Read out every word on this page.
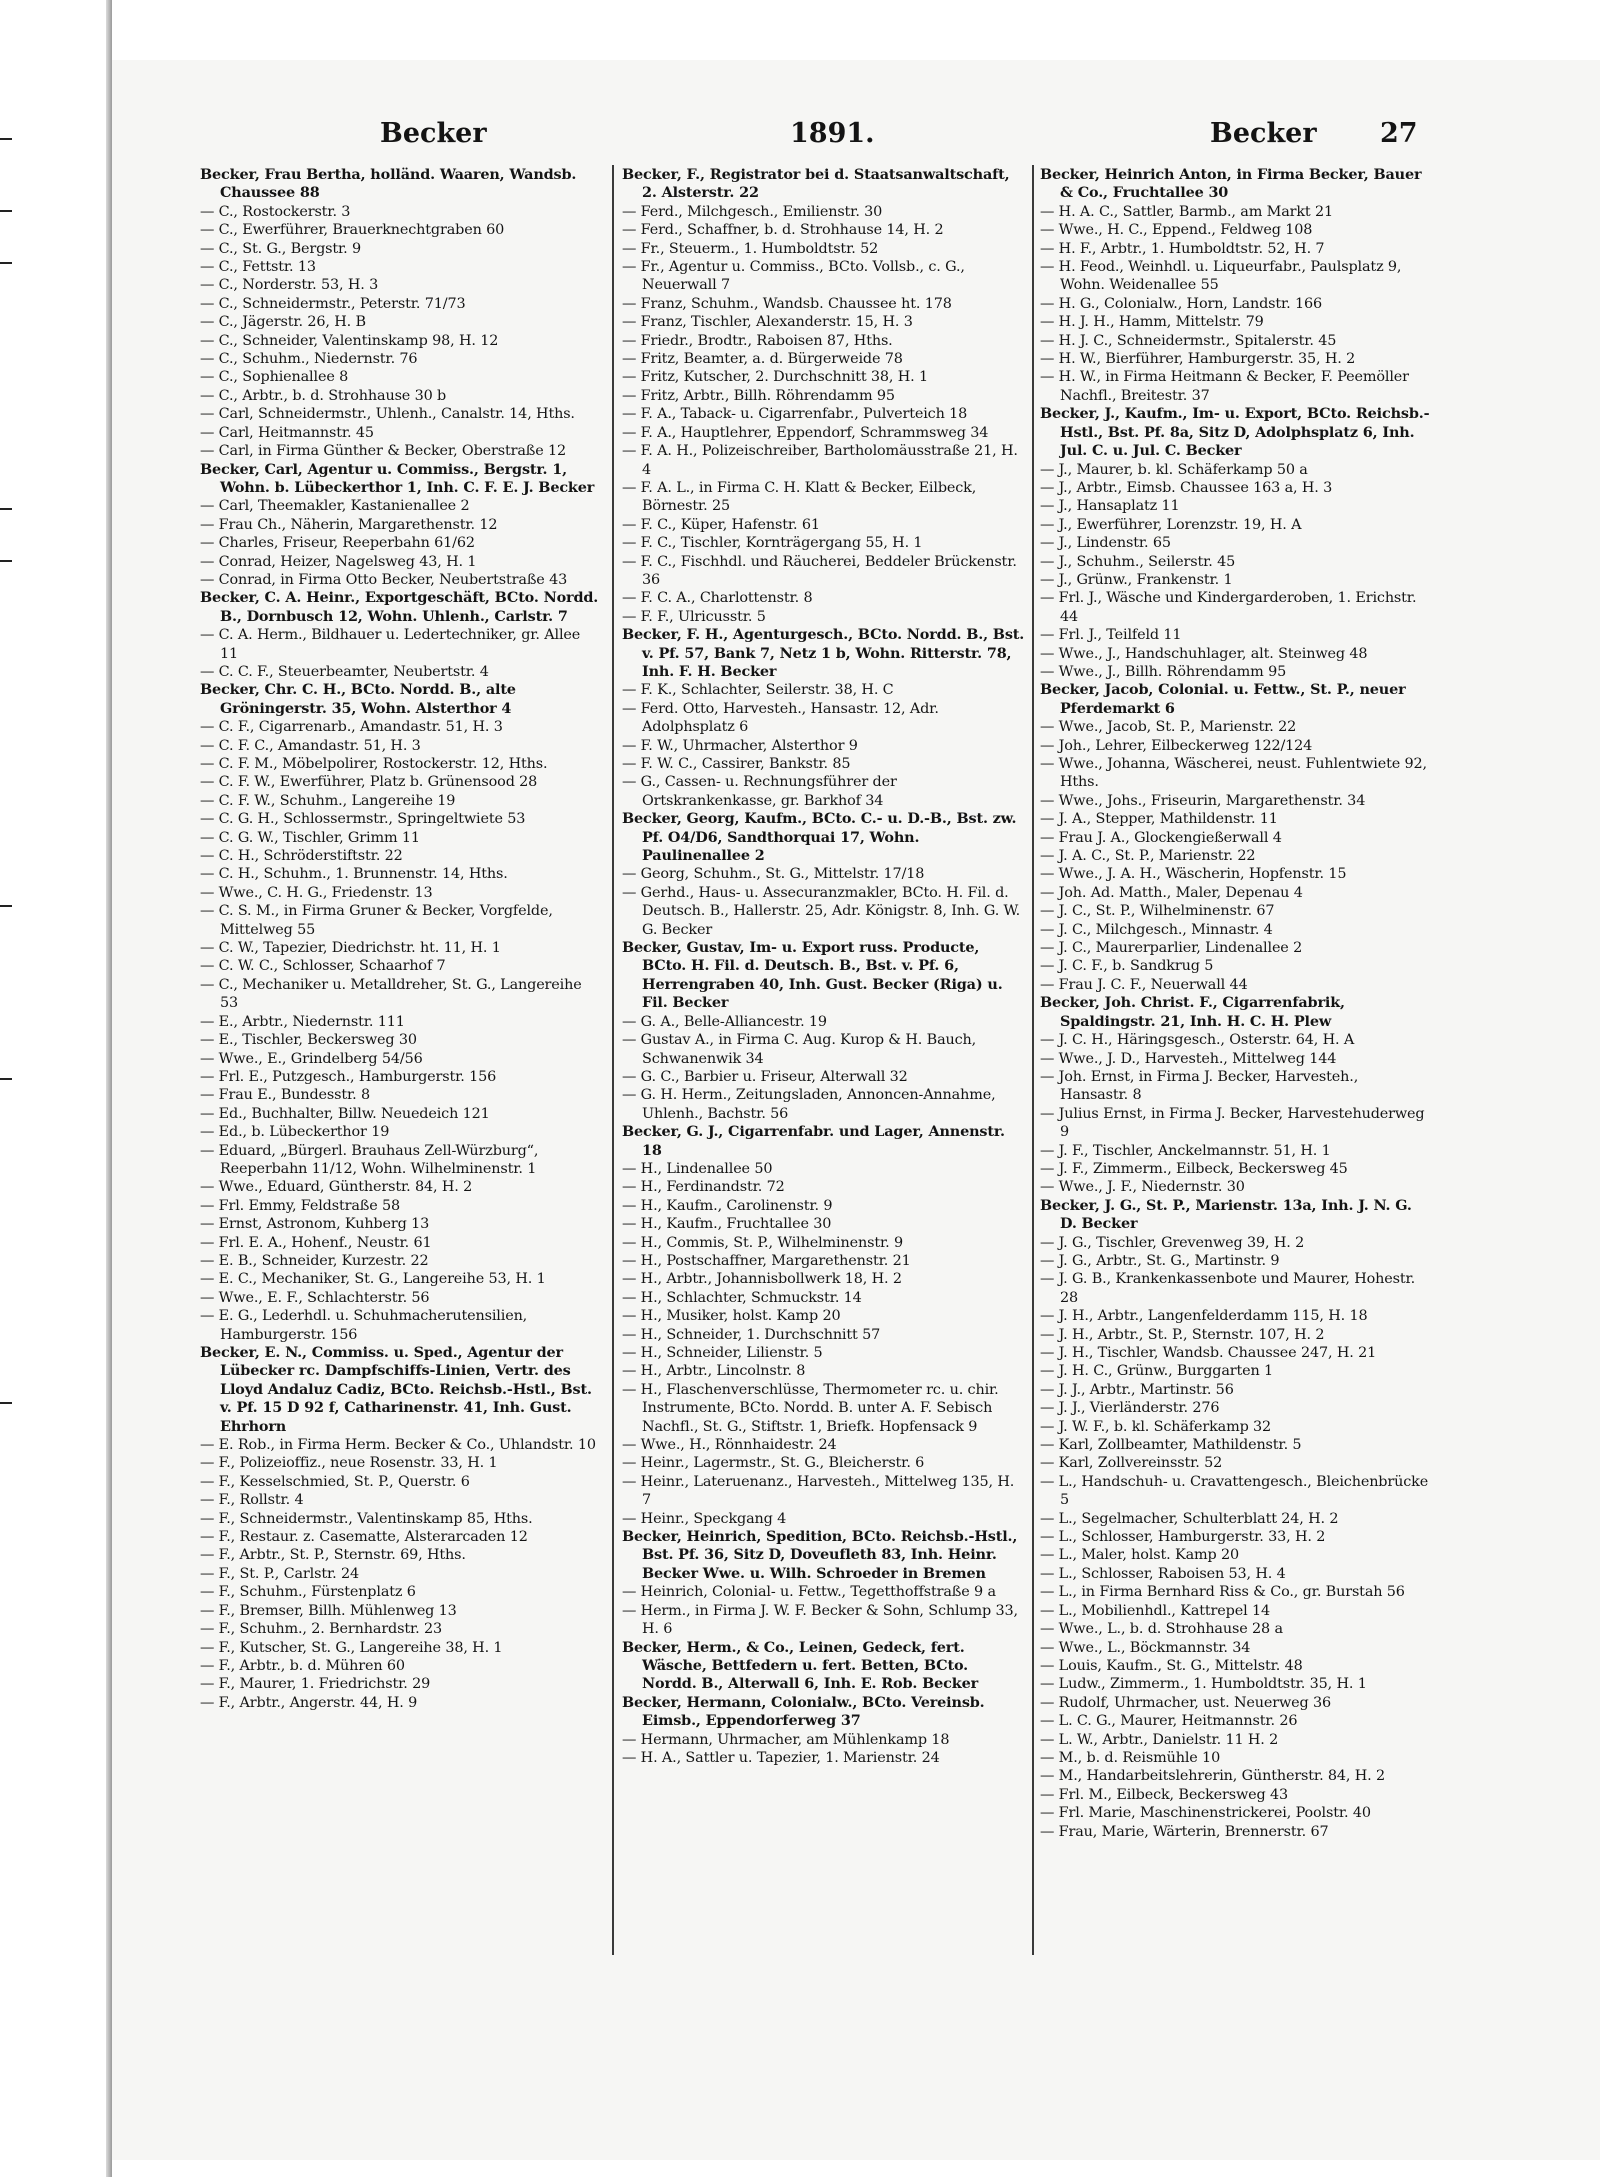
Becker	1891.	Becker 27
Becker, Frau Bertha, holländ. Waaren, Wandsb. Chaussee 88
— C., Rostockerstr. 3
— C., Ewerführer, Brauerknechtgraben 60
— C., St. G., Bergstr. 9
— C., Fettstr. 13
— C., Norderstr. 53, H. 3
— C., Schneidermstr., Peterstr. 71/73
— C., Jägerstr. 26, H. B
— C., Schneider, Valentinskamp 98, H. 12
— C., Schuhm., Niedernstr. 76
— C., Sophienallee 8
— C., Arbtr., b. d. Strohhause 30 b
— Carl, Schneidermstr., Uhlenh., Canalstr. 14, Hths.
— Carl, Heitmannstr. 45
— Carl, in Firma Günther & Becker, Oberstraße 12
Becker, Carl, Agentur u. Commiss., Bergstr. 1, Wohn. b. Lübeckerthor 1, Inh. C. F. E. J. Becker
— Carl, Theemakler, Kastanienallee 2
— Frau Ch., Näherin, Margarethenstr. 12
— Charles, Friseur, Reeperbahn 61/62
— Conrad, Heizer, Nagelsweg 43, H. 1
— Conrad, in Firma Otto Becker, Neubertstraße 43
Becker, C. A. Heinr., Exportgeschäft, BCto. Nordd. B., Dornbusch 12, Wohn. Uhlenh., Carlstr. 7
— C. A. Herm., Bildhauer u. Ledertechniker, gr. Allee 11
— C. C. F., Steuerbeamter, Neubertstr. 4
Becker, Chr. C. H., BCto. Nordd. B., alte Gröningerstr. 35, Wohn. Alsterthor 4
— C. F., Cigarrenarb., Amandastr. 51, H. 3
— C. F. C., Amandastr. 51, H. 3
— C. F. M., Möbelpolirer, Rostockerstr. 12, Hths.
— C. F. W., Ewerführer, Platz b. Grünensood 28
— C. F. W., Schuhm., Langereihe 19
— C. G. H., Schlossermstr., Springeltwiete 53
— C. G. W., Tischler, Grimm 11
— C. H., Schröderstiftstr. 22
— C. H., Schuhm., 1. Brunnenstr. 14, Hths.
— Wwe., C. H. G., Friedenstr. 13
— C. S. M., in Firma Gruner & Becker, Vorgfelde, Mittelweg 55
— C. W., Tapezier, Diedrichstr. ht. 11, H. 1
— C. W. C., Schlosser, Schaarhof 7
— C., Mechaniker u. Metalldreher, St. G., Langereihe 53
— E., Arbtr., Niedernstr. 111
— E., Tischler, Beckersweg 30
— Wwe., E., Grindelberg 54/56
— Frl. E., Putzgesch., Hamburgerstr. 156
— Frau E., Bundesstr. 8
— Ed., Buchhalter, Billw. Neuedeich 121
— Ed., b. Lübeckerthor 19
— Eduard, „Bürgerl. Brauhaus Zell-Würzburg“, Reeperbahn 11/12, Wohn. Wilhelminenstr. 1
— Wwe., Eduard, Güntherstr. 84, H. 2
— Frl. Emmy, Feldstraße 58
— Ernst, Astronom, Kuhberg 13
— Frl. E. A., Hohenf., Neustr. 61
— E. B., Schneider, Kurzestr. 22
— E. C., Mechaniker, St. G., Langereihe 53, H. 1
— Wwe., E. F., Schlachterstr. 56
— E. G., Lederhdl. u. Schuhmacherutensilien, Hamburgerstr. 156
Becker, E. N., Commiss. u. Sped., Agentur der Lübecker rc. Dampfschiffs-Linien, Vertr. des Lloyd Andaluz Cadiz, BCto. Reichsb.-Hstl., Bst. v. Pf. 15 D 92 f, Catharinenstr. 41, Inh. Gust. Ehrhorn
— E. Rob., in Firma Herm. Becker & Co., Uhlandstr. 10
— F., Polizeioffiz., neue Rosenstr. 33, H. 1
— F., Kesselschmied, St. P., Querstr. 6
— F., Rollstr. 4
— F., Schneidermstr., Valentinskamp 85, Hths.
— F., Restaur. z. Casematte, Alsterarcaden 12
— F., Arbtr., St. P., Sternstr. 69, Hths.
— F., St. P., Carlstr. 24
— F., Schuhm., Fürstenplatz 6
— F., Bremser, Billh. Mühlenweg 13
— F., Schuhm., 2. Bernhardstr. 23
— F., Kutscher, St. G., Langereihe 38, H. 1
— F., Arbtr., b. d. Mühren 60
— F., Maurer, 1. Friedrichstr. 29
— F., Arbtr., Angerstr. 44, H. 9
Becker, F., Registrator bei d. Staatsanwaltschaft, 2. Alsterstr. 22
— Ferd., Milchgesch., Emilienstr. 30
— Ferd., Schaffner, b. d. Strohhause 14, H. 2
— Fr., Steuerm., 1. Humboldtstr. 52
— Fr., Agentur u. Commiss., BCto. Vollsb., c. G., Neuerwall 7
— Franz, Schuhm., Wandsb. Chaussee ht. 178
— Franz, Tischler, Alexanderstr. 15, H. 3
— Friedr., Brodtr., Raboisen 87, Hths.
— Fritz, Beamter, a. d. Bürgerweide 78
— Fritz, Kutscher, 2. Durchschnitt 38, H. 1
— Fritz, Arbtr., Billh. Röhrendamm 95
— F. A., Taback- u. Cigarrenfabr., Pulverteich 18
— F. A., Hauptlehrer, Eppendorf, Schrammsweg 34
— F. A. H., Polizeischreiber, Bartholomäusstraße 21, H. 4
— F. A. L., in Firma C. H. Klatt & Becker, Eilbeck, Börnestr. 25
— F. C., Küper, Hafenstr. 61
— F. C., Tischler, Kornträgergang 55, H. 1
— F. C., Fischhdl. und Räucherei, Beddeler Brückenstr. 36
— F. C. A., Charlottenstr. 8
— F. F., Ulricusstr. 5
Becker, F. H., Agenturgesch., BCto. Nordd. B., Bst. v. Pf. 57, Bank 7, Netz 1 b, Wohn. Ritterstr. 78, Inh. F. H. Becker
— F. K., Schlachter, Seilerstr. 38, H. C
— Ferd. Otto, Harvesteh., Hansastr. 12, Adr. Adolphsplatz 6
— F. W., Uhrmacher, Alsterthor 9
— F. W. C., Cassirer, Bankstr. 85
— G., Cassen- u. Rechnungsführer der Ortskrankenkasse, gr. Barkhof 34
Becker, Georg, Kaufm., BCto. C.- u. D.-B., Bst. zw. Pf. O4/D6, Sandthorquai 17, Wohn. Paulinenallee 2
— Georg, Schuhm., St. G., Mittelstr. 17/18
— Gerhd., Haus- u. Assecuranzmakler, BCto. H. Fil. d. Deutsch. B., Hallerstr. 25, Adr. Königstr. 8, Inh. G. W. G. Becker
Becker, Gustav, Im- u. Export russ. Producte, BCto. H. Fil. d. Deutsch. B., Bst. v. Pf. 6, Herrengraben 40, Inh. Gust. Becker (Riga) u. Fil. Becker
— G. A., Belle-Alliancestr. 19
— Gustav A., in Firma C. Aug. Kurop & H. Bauch, Schwanenwik 34
— G. C., Barbier u. Friseur, Alterwall 32
— G. H. Herm., Zeitungsladen, Annoncen-Annahme, Uhlenh., Bachstr. 56
Becker, G. J., Cigarrenfabr. und Lager, Annenstr. 18
— H., Lindenallee 50
— H., Ferdinandstr. 72
— H., Kaufm., Carolinenstr. 9
— H., Kaufm., Fruchtallee 30
— H., Commis, St. P., Wilhelminenstr. 9
— H., Postschaffner, Margarethenstr. 21
— H., Arbtr., Johannisbollwerk 18, H. 2
— H., Schlachter, Schmuckstr. 14
— H., Musiker, holst. Kamp 20
— H., Schneider, 1. Durchschnitt 57
— H., Schneider, Lilienstr. 5
— H., Arbtr., Lincolnstr. 8
— H., Flaschenverschlüsse, Thermometer rc. u. chir. Instrumente, BCto. Nordd. B. unter A. F. Sebisch Nachfl., St. G., Stiftstr. 1, Briefk. Hopfensack 9
— Wwe., H., Rönnhaidestr. 24
— Heinr., Lagermstr., St. G., Bleicherstr. 6
— Heinr., Lateruenanz., Harvesteh., Mittelweg 135, H. 7
— Heinr., Speckgang 4
Becker, Heinrich, Spedition, BCto. Reichsb.-Hstl., Bst. Pf. 36, Sitz D, Doveufleth 83, Inh. Heinr. Becker Wwe. u. Wilh. Schroeder in Bremen
— Heinrich, Colonial- u. Fettw., Tegetthoffstraße 9 a
— Herm., in Firma J. W. F. Becker & Sohn, Schlump 33, H. 6
Becker, Herm., & Co., Leinen, Gedeck, fert. Wäsche, Bettfedern u. fert. Betten, BCto. Nordd. B., Alterwall 6, Inh. E. Rob. Becker
Becker, Hermann, Colonialw., BCto. Vereinsb. Eimsb., Eppendorferweg 37
— Hermann, Uhrmacher, am Mühlenkamp 18
— H. A., Sattler u. Tapezier, 1. Marienstr. 24
Becker, Heinrich Anton, in Firma Becker, Bauer & Co., Fruchtallee 30
— H. A. C., Sattler, Barmb., am Markt 21
— Wwe., H. C., Eppend., Feldweg 108
— H. F., Arbtr., 1. Humboldtstr. 52, H. 7
— H. Feod., Weinhdl. u. Liqueurfabr., Paulsplatz 9, Wohn. Weidenallee 55
— H. G., Colonialw., Horn, Landstr. 166
— H. J. H., Hamm, Mittelstr. 79
— H. J. C., Schneidermstr., Spitalerstr. 45
— H. W., Bierführer, Hamburgerstr. 35, H. 2
— H. W., in Firma Heitmann & Becker, F. Peemöller Nachfl., Breitestr. 37
Becker, J., Kaufm., Im- u. Export, BCto. Reichsb.-Hstl., Bst. Pf. 8a, Sitz D, Adolphsplatz 6, Inh. Jul. C. u. Jul. C. Becker
— J., Maurer, b. kl. Schäferkamp 50 a
— J., Arbtr., Eimsb. Chaussee 163 a, H. 3
— J., Hansaplatz 11
— J., Ewerführer, Lorenzstr. 19, H. A
— J., Lindenstr. 65
— J., Schuhm., Seilerstr. 45
— J., Grünw., Frankenstr. 1
— Frl. J., Wäsche und Kindergarderoben, 1. Erichstr. 44
— Frl. J., Teilfeld 11
— Wwe., J., Handschuhlager, alt. Steinweg 48
— Wwe., J., Billh. Röhrendamm 95
Becker, Jacob, Colonial. u. Fettw., St. P., neuer Pferdemarkt 6
— Wwe., Jacob, St. P., Marienstr. 22
— Joh., Lehrer, Eilbeckerweg 122/124
— Wwe., Johanna, Wäscherei, neust. Fuhlentwiete 92, Hths.
— Wwe., Johs., Friseurin, Margarethenstr. 34
— J. A., Stepper, Mathildenstr. 11
— Frau J. A., Glockengießerwall 4
— J. A. C., St. P., Marienstr. 22
— Wwe., J. A. H., Wäscherin, Hopfenstr. 15
— Joh. Ad. Matth., Maler, Depenau 4
— J. C., St. P., Wilhelminenstr. 67
— J. C., Milchgesch., Minnastr. 4
— J. C., Maurerparlier, Lindenallee 2
— J. C. F., b. Sandkrug 5
— Frau J. C. F., Neuerwall 44
Becker, Joh. Christ. F., Cigarrenfabrik, Spaldingstr. 21, Inh. H. C. H. Plew
— J. C. H., Häringsgesch., Osterstr. 64, H. A
— Wwe., J. D., Harvesteh., Mittelweg 144
— Joh. Ernst, in Firma J. Becker, Harvesteh., Hansastr. 8
— Julius Ernst, in Firma J. Becker, Harvestehuderweg 9
— J. F., Tischler, Anckelmannstr. 51, H. 1
— J. F., Zimmerm., Eilbeck, Beckersweg 45
— Wwe., J. F., Niedernstr. 30
Becker, J. G., St. P., Marienstr. 13a, Inh. J. N. G. D. Becker
— J. G., Tischler, Grevenweg 39, H. 2
— J. G., Arbtr., St. G., Martinstr. 9
— J. G. B., Krankenkassenbote und Maurer, Hohestr. 28
— J. H., Arbtr., Langenfelderdamm 115, H. 18
— J. H., Arbtr., St. P., Sternstr. 107, H. 2
— J. H., Tischler, Wandsb. Chaussee 247, H. 21
— J. H. C., Grünw., Burggarten 1
— J. J., Arbtr., Martinstr. 56
— J. J., Vierländerstr. 276
— J. W. F., b. kl. Schäferkamp 32
— Karl, Zollbeamter, Mathildenstr. 5
— Karl, Zollvereinsstr. 52
— L., Handschuh- u. Cravattengesch., Bleichenbrücke 5
— L., Segelmacher, Schulterblatt 24, H. 2
— L., Schlosser, Hamburgerstr. 33, H. 2
— L., Maler, holst. Kamp 20
— L., Schlosser, Raboisen 53, H. 4
— L., in Firma Bernhard Riss & Co., gr. Burstah 56
— L., Mobilienhdl., Kattrepel 14
— Wwe., L., b. d. Strohhause 28 a
— Wwe., L., Böckmannstr. 34
— Louis, Kaufm., St. G., Mittelstr. 48
— Ludw., Zimmerm., 1. Humboldtstr. 35, H. 1
— Rudolf, Uhrmacher, ust. Neuerweg 36
— L. C. G., Maurer, Heitmannstr. 26
— L. W., Arbtr., Danielstr. 11 H. 2
— M., b. d. Reismühle 10
— M., Handarbeitslehrerin, Güntherstr. 84, H. 2
— Frl. M., Eilbeck, Beckersweg 43
— Frl. Marie, Maschinenstrickerei, Poolstr. 40
— Frau, Marie, Wärterin, Brennerstr. 67
